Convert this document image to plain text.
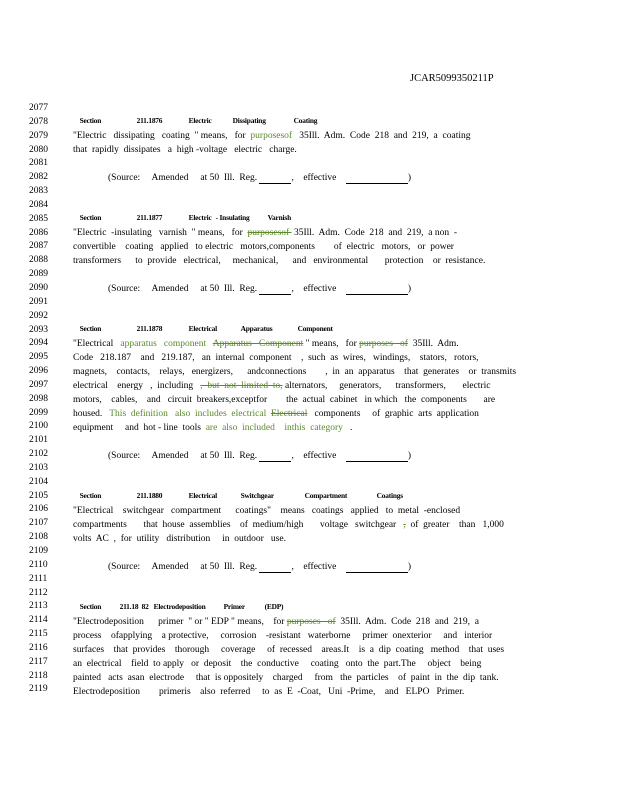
JCAR5099350211P
2077
2078
2079
2080
2081
2082
2083
2084
2085
2086
2087
2088
2089
2090
2091
2092
2093
2094
2095
2096
2097
2098
2099
2100
2101
2102
2103
2104
2105
2106
2107
2108
2109
2110
2111
2112
2113
2114
2115
2116
2117
2118
2119

Section	211.1876	Electric	Dissipating	Coating

"Electric   dissipating   coating  " means,   for  purposesof   35Ill.  Adm.  Code  218  and  219,  a  coating
that  rapidly  dissipates   a  high -voltage   electric   charge.
(Source: Amended at 50  Ill.  Reg.	,    effective	)

Section	211.1877	Electric - Insulating Varnish

"Electric  -insulating   varnish  " means,   for  purposesof  35Ill.  Adm.  Code  218  and  219,  a non  -
convertible    coating   applied   to electric   motors,components        of  electric   motors,   or  power
transformers      to  provide   electrical,     mechanical,      and   environmental       protection    or  resistance.
(Source: Amended at 50  Ill.  Reg.	,    effective	)

Section	211.1878	Electrical	Apparatus	Component

"Electrical   apparatus   component Apparatus   Component " means,   for purposes   of  35Ill.  Adm.
Code   218.187    and   219.187,   an  internal  component    ,  such  as  wires,   windings,    stators,   rotors,
magnets,    contacts,    relays,   energizers,      andconnections        ,  in  an  apparatus    that  generates    or  transmits
electrical    energy   ,  including   ,  but  not  limited  to, alternators,     generators,      transformers,       electric
motors,    cables,    and   circuit  breakers,exceptfor        the  actual  cabinet   in which   the  components       are
housed.   This  definition   also  includes  electrical Electrical   components     of  graphic  arts  application
equipment     and  hot - line  tools  are  also  included    inthis  category   .
(Source: Amended at 50  Ill.  Reg.	,    effective	)

Section	211.1880	Electrical	Switchgear	Compartment	Coatings

"Electrical    switchgear   compartment      coatings"    means   coatings   applied   to  metal  -enclosed
compartments       that  house  assemblies    of  medium/high       voltage   switchgear   ,  of  greater    than   1,000
volts  AC  ,  for  utility   distribution     in  outdoor   use.
(Source: Amended at 50  Ill.  Reg.	,    effective	)

Section 211.18 82 Electrodeposition Primer	(EDP)

"Electrodeposition      primer  " or " EDP " means,    for purposes   of  35Ill.  Adm.  Code  218  and  219,  a
process    ofapplying    a protective,     corrosion    -resistant   waterborne     primer  onexterior     and   interior
surfaces    that  provides    thorough     coverage     of  recessed    areas.It    is  a  dip  coating   method    that  uses
an  electrical    field  to apply   or  deposit    the  conductive     coating   onto  the  part.The     object    being
painted   acts  asan  electrode     that  is oppositely    charged     from   the  particles    of  paint  in  the  dip  tank.
Electrodeposition        primeris    also  referred     to  as  E  -Coat,   Uni  -Prime,    and   ELPO   Primer.
